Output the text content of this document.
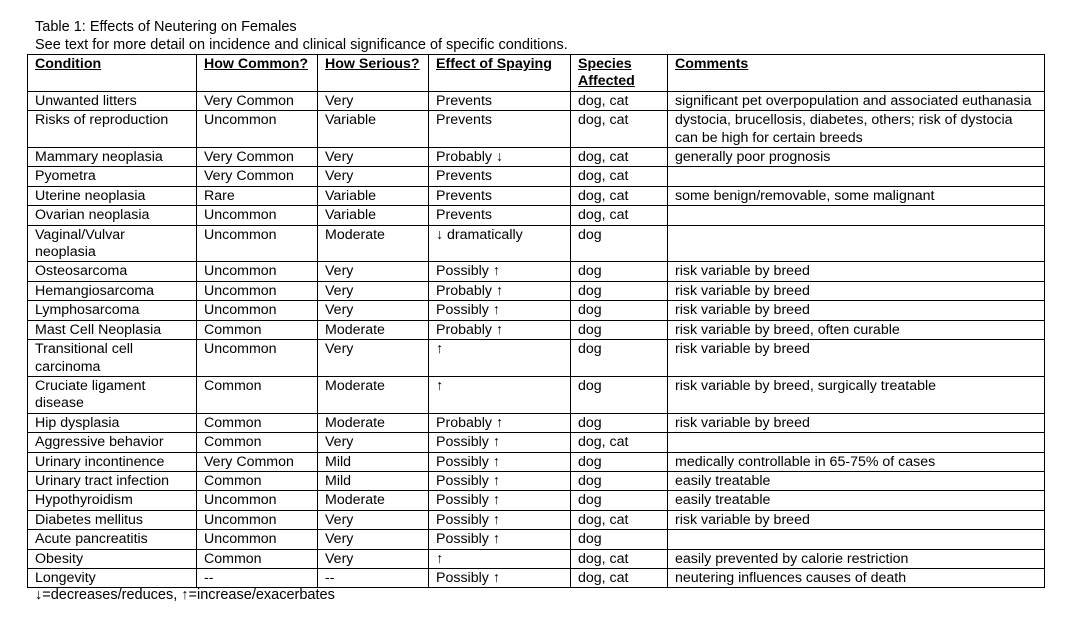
Table 1: Effects of Neutering on Females
See text for more detail on incidence and clinical significance of specific conditions.
Condition	How Common?	How Serious?	Effect of Spaying	Species Affected	Comments
Unwanted litters	Very Common	Very	Prevents	dog, cat	significant pet overpopulation and associated euthanasia
Risks of reproduction	Uncommon	Variable	Prevents	dog, cat	dystocia, brucellosis, diabetes, others; risk of dystocia can be high for certain breeds
Mammary neoplasia	Very Common	Very	Probably ↓	dog, cat	generally poor prognosis
Pyometra	Very Common	Very	Prevents	dog, cat	
Uterine neoplasia	Rare	Variable	Prevents	dog, cat	some benign/removable, some malignant
Ovarian neoplasia	Uncommon	Variable	Prevents	dog, cat	
Vaginal/Vulvar neoplasia	Uncommon	Moderate	↓ dramatically	dog	
Osteosarcoma	Uncommon	Very	Possibly ↑	dog	risk variable by breed
Hemangiosarcoma	Uncommon	Very	Probably ↑	dog	risk variable by breed
Lymphosarcoma	Uncommon	Very	Possibly ↑	dog	risk variable by breed
Mast Cell Neoplasia	Common	Moderate	Probably ↑	dog	risk variable by breed, often curable
Transitional cell carcinoma	Uncommon	Very	↑	dog	risk variable by breed
Cruciate ligament disease	Common	Moderate	↑	dog	risk variable by breed, surgically treatable
Hip dysplasia	Common	Moderate	Probably ↑	dog	risk variable by breed
Aggressive behavior	Common	Very	Possibly ↑	dog, cat	
Urinary incontinence	Very Common	Mild	Possibly ↑	dog	medically controllable in 65-75% of cases
Urinary tract infection	Common	Mild	Possibly ↑	dog	easily treatable
Hypothyroidism	Uncommon	Moderate	Possibly ↑	dog	easily treatable
Diabetes mellitus	Uncommon	Very	Possibly ↑	dog, cat	risk variable by breed
Acute pancreatitis	Uncommon	Very	Possibly ↑	dog	
Obesity	Common	Very	↑	dog, cat	easily prevented by calorie restriction
Longevity	--	--	Possibly ↑	dog, cat	neutering influences causes of death
↓=decreases/reduces, ↑=increase/exacerbates
